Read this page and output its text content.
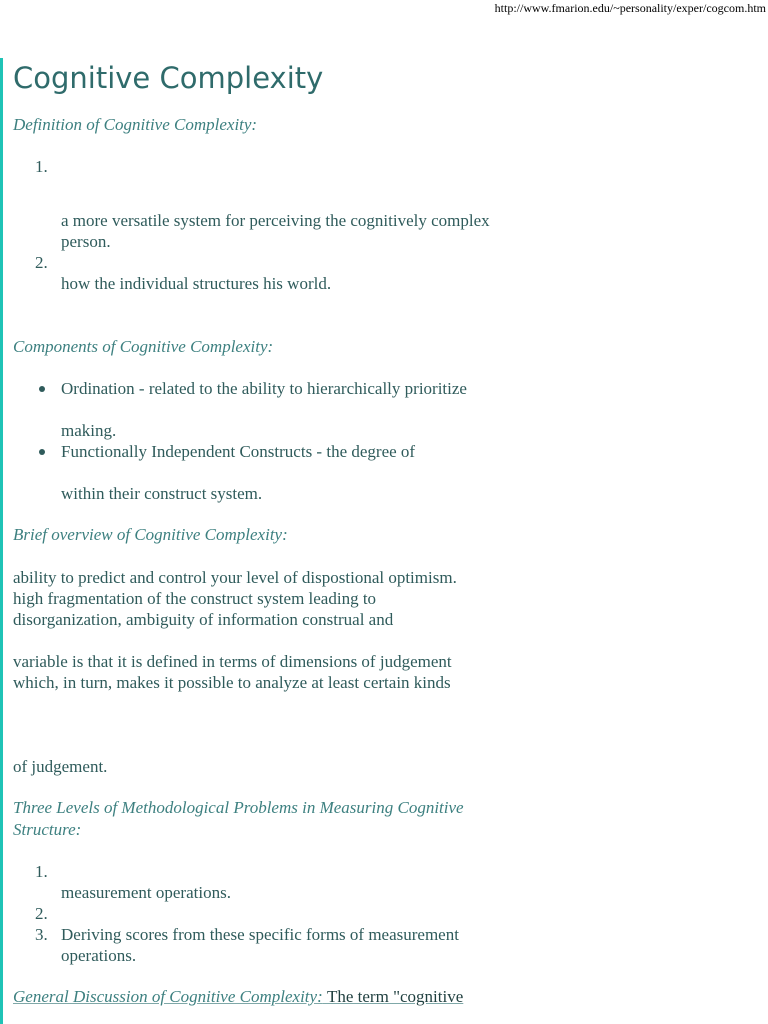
http://www.fmarion.edu/~personality/exper/cogcom.htm
Cognitive Complexity
Definition of Cognitive Complexity:
1.
a more versatile system for perceiving the cognitively complex person.
2.
how the individual structures his world.
Components of Cognitive Complexity:
Ordination - related to the ability to hierarchically prioritize
making.
Functionally Independent Constructs - the degree of
within their construct system.
Brief overview of Cognitive Complexity:
ability to predict and control your level of dispostional optimism.
high fragmentation of the construct system leading to
disorganization, ambiguity of information construal and
variable is that it is defined in terms of dimensions of judgement
which, in turn, makes it possible to analyze at least certain kinds
of judgement.
Three Levels of Methodological Problems in Measuring Cognitive
Structure:
1.
measurement operations.
2.
3. Deriving scores from these specific forms of measurement operations.
General Discussion of Cognitive Complexity: The term "cognitive
